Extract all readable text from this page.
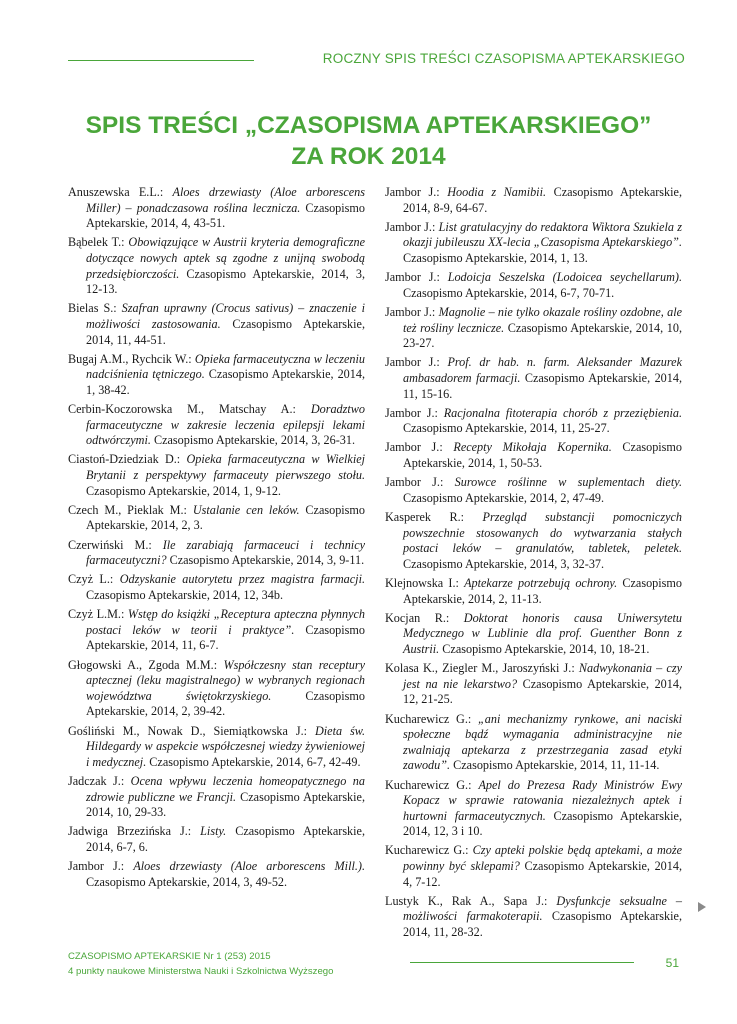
ROCZNY SPIS TREŚCI CZASOPISMA APTEKARSKIEGO
SPIS TREŚCI „CZASOPISMA APTEKARSKIEGO”
ZA ROK 2014
Anuszewska E.L.: Aloes drzewiasty (Aloe arborescens Miller) – ponadczasowa roślina lecznicza. Czasopismo Aptekarskie, 2014, 4, 43-51.
Bąbelek T.: Obowiązujące w Austrii kryteria demograficzne dotyczące nowych aptek są zgodne z unijną swobodą przedsiębiorczości. Czasopismo Aptekarskie, 2014, 3, 12-13.
Bielas S.: Szafran uprawny (Crocus sativus) – znaczenie i możliwości zastosowania. Czasopismo Aptekarskie, 2014, 11, 44-51.
Bugaj A.M., Rychcik W.: Opieka farmaceutyczna w leczeniu nadciśnienia tętniczego. Czasopismo Aptekarskie, 2014, 1, 38-42.
Cerbin-Koczorowska M., Matschay A.: Doradztwo farmaceutyczne w zakresie leczenia epilepsji lekami odtwórczymi. Czasopismo Aptekarskie, 2014, 3, 26-31.
Ciastoń-Dziedziak D.: Opieka farmaceutyczna w Wielkiej Brytanii z perspektywy farmaceuty pierwszego stołu. Czasopismo Aptekarskie, 2014, 1, 9-12.
Czech M., Pieklak M.: Ustalanie cen leków. Czasopismo Aptekarskie, 2014, 2, 3.
Czerwiński M.: Ile zarabiają farmaceuci i technicy farmaceutyczni? Czasopismo Aptekarskie, 2014, 3, 9-11.
Czyż L.: Odzyskanie autorytetu przez magistra farmacji. Czasopismo Aptekarskie, 2014, 12, 34b.
Czyż L.M.: Wstęp do książki „Receptura apteczna płynnych postaci leków w teorii i praktyce”. Czasopismo Aptekarskie, 2014, 11, 6-7.
Głogowski A., Zgoda M.M.: Współczesny stan receptury aptecznej (leku magistralnego) w wybranych regionach województwa świętokrzyskiego. Czasopismo Aptekarskie, 2014, 2, 39-42.
Gośliński M., Nowak D., Siemiątkowska J.: Dieta św. Hildegardy w aspekcie współczesnej wiedzy żywieniowej i medycznej. Czasopismo Aptekarskie, 2014, 6-7, 42-49.
Jadczak J.: Ocena wpływu leczenia homeopatycznego na zdrowie publiczne we Francji. Czasopismo Aptekarskie, 2014, 10, 29-33.
Jadwiga Brzezińska J.: Listy. Czasopismo Aptekarskie, 2014, 6-7, 6.
Jambor J.: Aloes drzewiasty (Aloe arborescens Mill.). Czasopismo Aptekarskie, 2014, 3, 49-52.
Jambor J.: Hoodia z Namibii. Czasopismo Aptekarskie, 2014, 8-9, 64-67.
Jambor J.: List gratulacyjny do redaktora Wiktora Szukiela z okazji jubileuszu XX-lecia „Czasopisma Aptekarskiego”. Czasopismo Aptekarskie, 2014, 1, 13.
Jambor J.: Lodoicja Seszelska (Lodoicea seychellarum). Czasopismo Aptekarskie, 2014, 6-7, 70-71.
Jambor J.: Magnolie – nie tylko okazale rośliny ozdobne, ale też rośliny lecznicze. Czasopismo Aptekarskie, 2014, 10, 23-27.
Jambor J.: Prof. dr hab. n. farm. Aleksander Mazurek ambasadorem farmacji. Czasopismo Aptekarskie, 2014, 11, 15-16.
Jambor J.: Racjonalna fitoterapia chorób z przeziębienia. Czasopismo Aptekarskie, 2014, 11, 25-27.
Jambor J.: Recepty Mikołaja Kopernika. Czasopismo Aptekarskie, 2014, 1, 50-53.
Jambor J.: Surowce roślinne w suplementach diety. Czasopismo Aptekarskie, 2014, 2, 47-49.
Kasperek R.: Przegląd substancji pomocniczych powszechnie stosowanych do wytwarzania stałych postaci leków – granulatów, tabletek, peletek. Czasopismo Aptekarskie, 2014, 3, 32-37.
Klejnowska I.: Aptekarze potrzebują ochrony. Czasopismo Aptekarskie, 2014, 2, 11-13.
Kocjan R.: Doktorat honoris causa Uniwersytetu Medycznego w Lublinie dla prof. Guenther Bonn z Austrii. Czasopismo Aptekarskie, 2014, 10, 18-21.
Kolasa K., Ziegler M., Jaroszyński J.: Nadwykonania – czy jest na nie lekarstwo? Czasopismo Aptekarskie, 2014, 12, 21-25.
Kucharewicz G.: „ani mechanizmy rynkowe, ani naciski społeczne bądź wymagania administracyjne nie zwalniają aptekarza z przestrzegania zasad etyki zawodu”. Czasopismo Aptekarskie, 2014, 11, 11-14.
Kucharewicz G.: Apel do Prezesa Rady Ministrów Ewy Kopacz w sprawie ratowania niezależnych aptek i hurtowni farmaceutycznych. Czasopismo Aptekarskie, 2014, 12, 3 i 10.
Kucharewicz G.: Czy apteki polskie będą aptekami, a może powinny być sklepami? Czasopismo Aptekarskie, 2014, 4, 7-12.
Lustyk K., Rak A., Sapa J.: Dysfunkcje seksualne – możliwości farmakoterapii. Czasopismo Aptekarskie, 2014, 11, 28-32.
CZASOPISMO APTEKARSKIE Nr 1 (253) 2015
4 punkty naukowe Ministerstwa Nauki i Szkolnictwa Wyższego
51
